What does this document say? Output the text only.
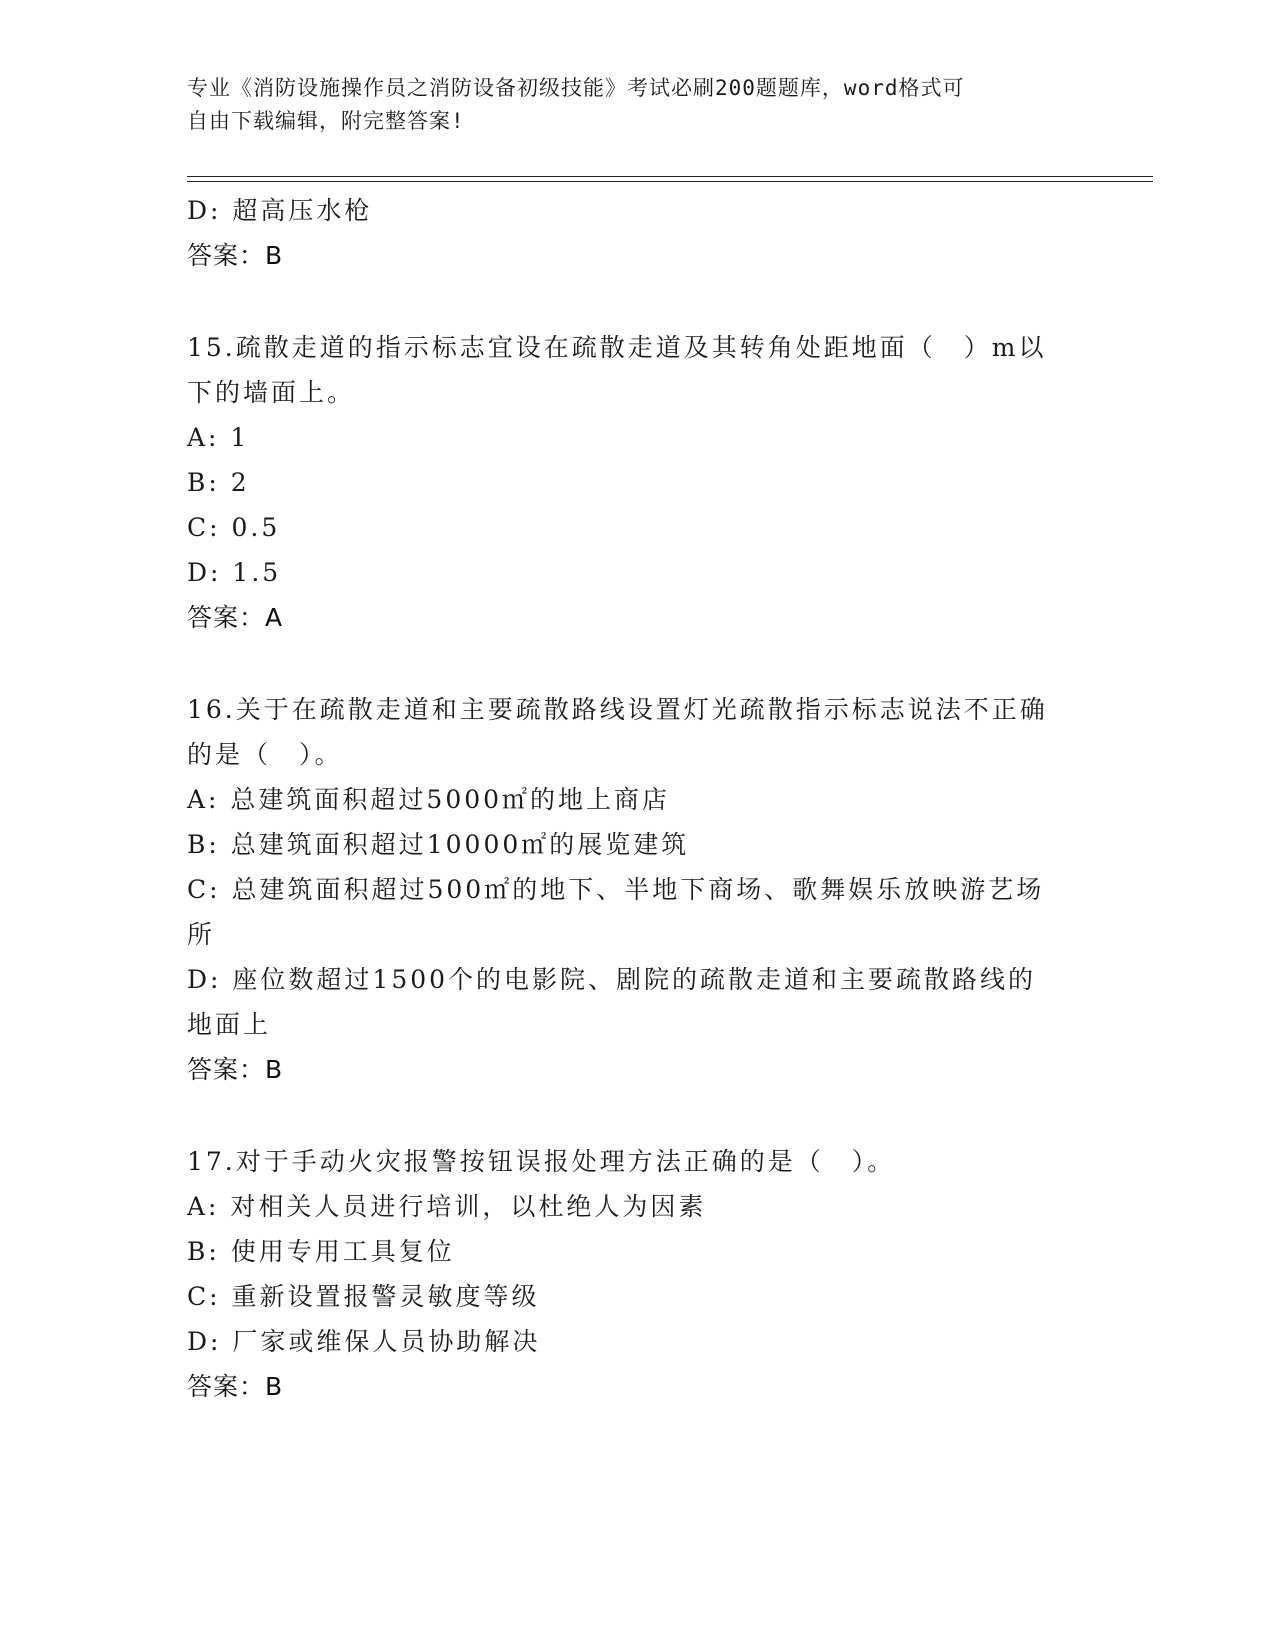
专业《消防设施操作员之消防设备初级技能》考试必刷200题题库，word格式可
自由下载编辑，附完整答案!
D: 超高压水枪
答案：B
15.疏散走道的指示标志宜设在疏散走道及其转角处距地面（　）m以
下的墙面上。
A: 1
B: 2
C: 0.5
D: 1.5
答案：A
16.关于在疏散走道和主要疏散路线设置灯光疏散指示标志说法不正确
的是（　）。
A: 总建筑面积超过5000㎡的地上商店
B: 总建筑面积超过10000㎡的展览建筑
C: 总建筑面积超过500㎡的地下、半地下商场、歌舞娱乐放映游艺场
所
D: 座位数超过1500个的电影院、剧院的疏散走道和主要疏散路线的
地面上
答案：B
17.对于手动火灾报警按钮误报处理方法正确的是（　）。
A: 对相关人员进行培训，以杜绝人为因素
B: 使用专用工具复位
C: 重新设置报警灵敏度等级
D: 厂家或维保人员协助解决
答案：B
